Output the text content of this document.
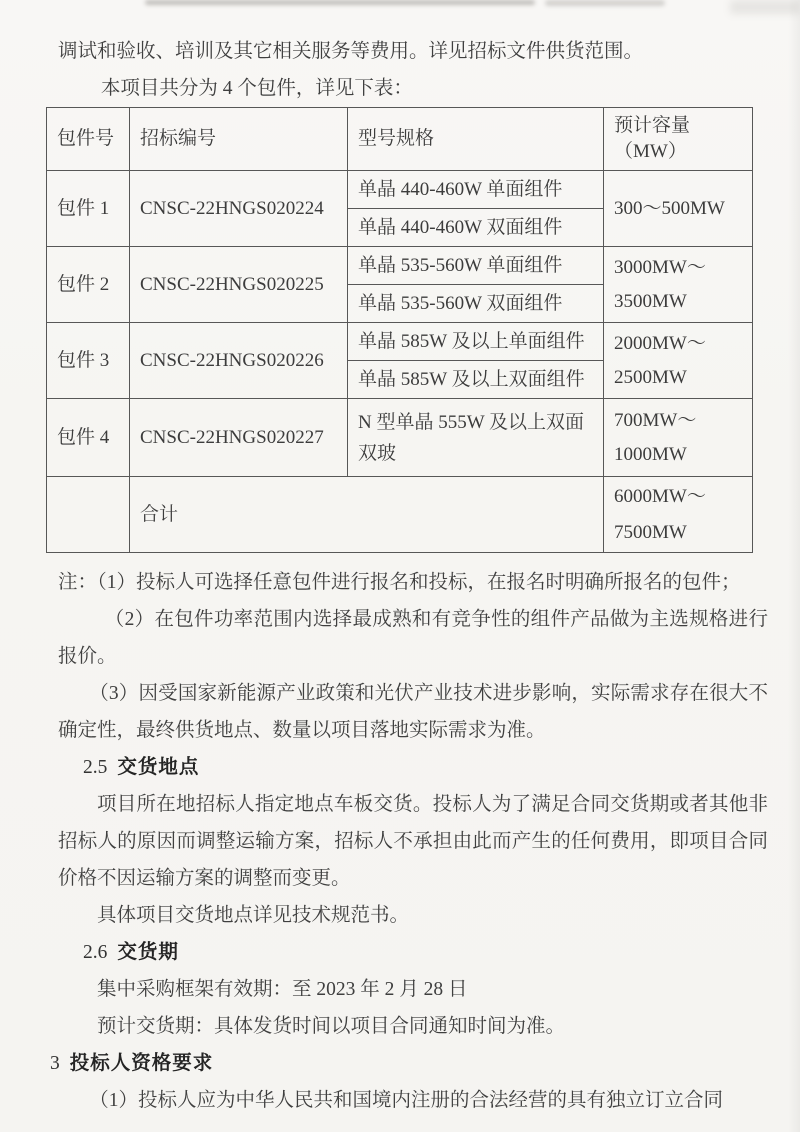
调试和验收、培训及其它相关服务等费用。详见招标文件供货范围。

本项目共分为 4 个包件，详见下表：

包件号	招标编号	型号规格	预计容量（MW）
包件 1	CNSC-22HNGS020224	单晶 440-460W 单面组件	300～500MW

		单晶 440-460W 双面组件	
包件 2	CNSC-22HNGS020225	单晶 535-560W 单面组件	3000MW～
3500MW

		单晶 535-560W 双面组件	
包件 3	CNSC-22HNGS020226	单晶 585W 及以上单面组件	2000MW～
2500MW

		单晶 585W 及以上双面组件	
包件 4	CNSC-22HNGS020227	N 型单晶 555W 及以上双面双玻	700MW～1000MW

	合计		6000MW～
7500MW

注：（1）投标人可选择任意包件进行报名和投标，在报名时明确所报名的包件；

（2）在包件功率范围内选择最成熟和有竞争性的组件产品做为主选规格进行报价。

（3）因受国家新能源产业政策和光伏产业技术进步影响，实际需求存在很大不确定性，最终供货地点、数量以项目落地实际需求为准。

2.5 交货地点

项目所在地招标人指定地点车板交货。投标人为了满足合同交货期或者其他非招标人的原因而调整运输方案，招标人不承担由此而产生的任何费用，即项目合同价格不因运输方案的调整而变更。

具体项目交货地点详见技术规范书。

2.6 交货期

集中采购框架有效期：至 2023 年 2 月 28 日

预计交货期：具体发货时间以项目合同通知时间为准。

3 投标人资格要求

（1）投标人应为中华人民共和国境内注册的合法经营的具有独立订立合同
